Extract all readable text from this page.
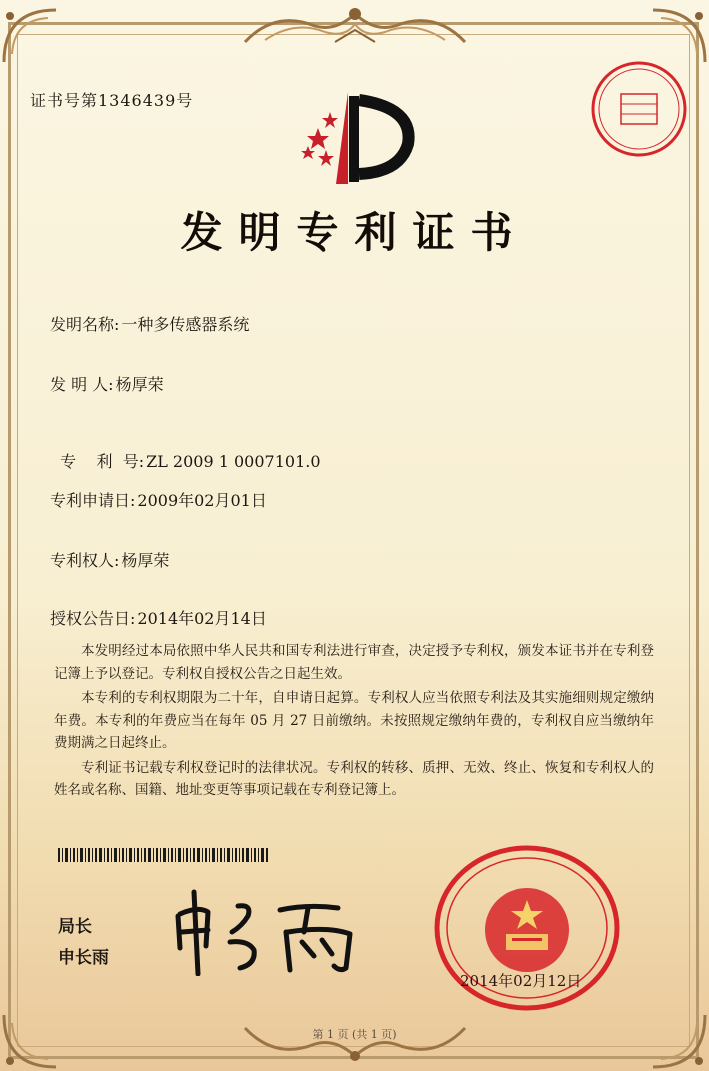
证书号第1346439号
发明专利证书
发明名称: 一种多传感器系统
发 明 人: 杨厚荣

专    利  号: ZL 2009 1 0007101.0

专利申请日: 2009年02月01日
专利权人: 杨厚荣
授权公告日: 2014年02月14日

本发明经过本局依照中华人民共和国专利法进行审查，决定授予专利权，颁发本证书并在专利登记簿上予以登记。专利权自授权公告之日起生效。

本专利的专利权期限为二十年，自申请日起算。专利权人应当依照专利法及其实施细则规定缴纳年费。本专利的年费应当在每年 05 月 27 日前缴纳。未按照规定缴纳年费的，专利权自应当缴纳年费期满之日起终止。

专利证书记载专利权登记时的法律状况。专利权的转移、质押、无效、终止、恢复和专利权人的姓名或名称、国籍、地址变更等事项记载在专利登记簿上。

局长
申长雨
2014年02月12日
第 1 页 (共 1 页)
